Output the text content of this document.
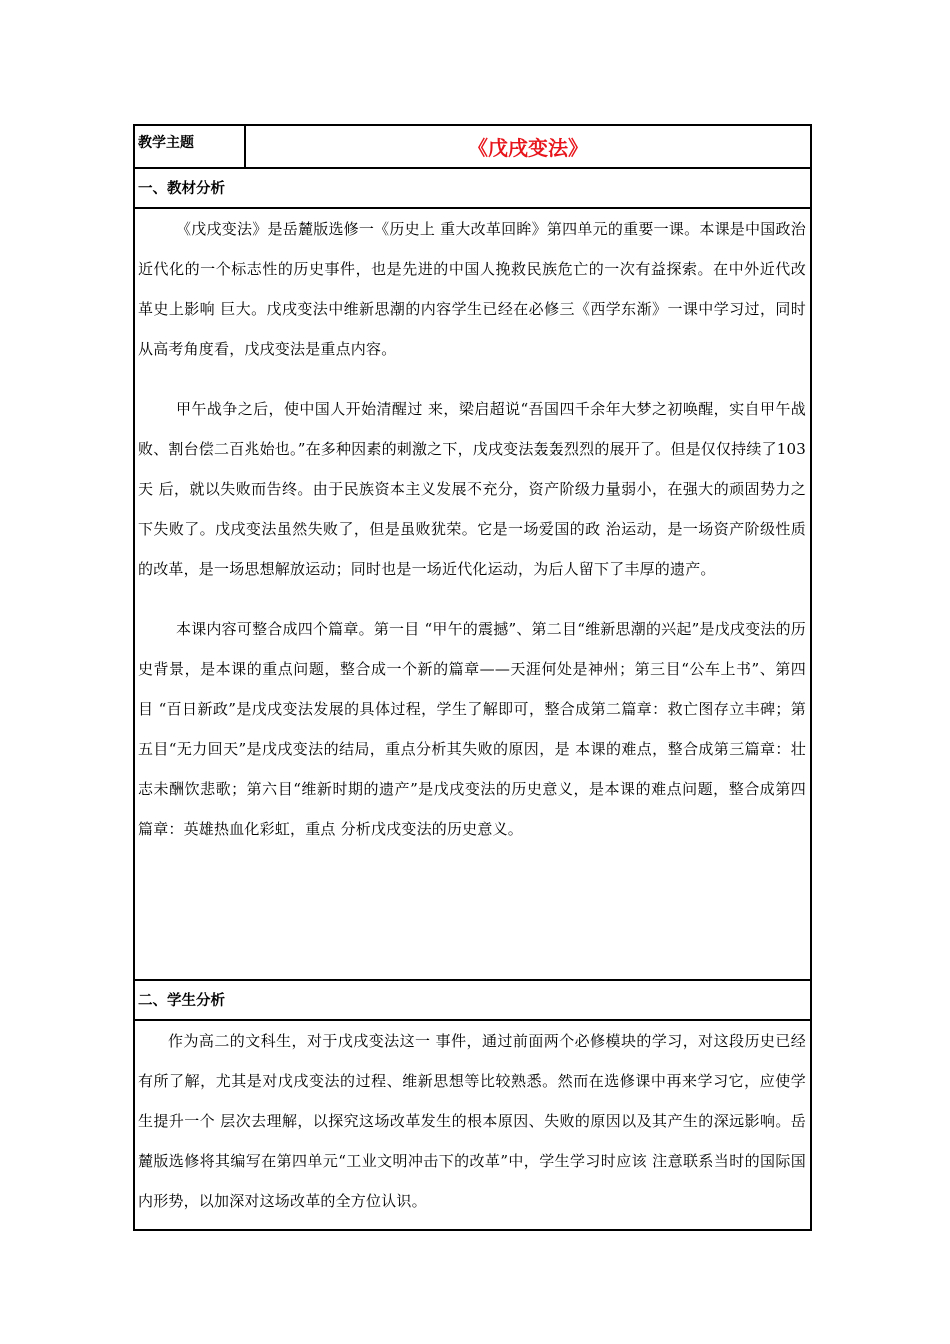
教学主题	《戊戌变法》
一、教材分析

《戊戌变法》是岳麓版选修一《历史上 重大改革回眸》第四单元的重要一课。本课是中国政治近代化的一个标志性的历史事件，也是先进的中国人挽救民族危亡的一次有益探索。在中外近代改革史上影响 巨大。戊戌变法中维新思潮的内容学生已经在必修三《西学东渐》一课中学习过，同时从高考角度看，戊戌变法是重点内容。

甲午战争之后，使中国人开始清醒过 来，梁启超说“吾国四千余年大梦之初唤醒，实自甲午战败、割台偿二百兆始也。”在多种因素的刺激之下，戊戌变法轰轰烈烈的展开了。但是仅仅持续了103天 后，就以失败而告终。由于民族资本主义发展不充分，资产阶级力量弱小，在强大的顽固势力之下失败了。戊戌变法虽然失败了，但是虽败犹荣。它是一场爱国的政 治运动，是一场资产阶级性质的改革，是一场思想解放运动；同时也是一场近代化运动，为后人留下了丰厚的遗产。

本课内容可整合成四个篇章。第一目 “甲午的震撼”、第二目“维新思潮的兴起”是戊戌变法的历史背景，是本课的重点问题，整合成一个新的篇章——天涯何处是神州；第三目“公车上书”、第四目 “百日新政”是戊戌变法发展的具体过程，学生了解即可，整合成第二篇章：救亡图存立丰碑；第五目“无力回天”是戊戌变法的结局，重点分析其失败的原因，是 本课的难点，整合成第三篇章：壮志未酬饮悲歌；第六目“维新时期的遗产”是戊戌变法的历史意义，是本课的难点问题，整合成第四篇章：英雄热血化彩虹，重点 分析戊戌变法的历史意义。

二、学生分析

作为高二的文科生，对于戊戌变法这一 事件，通过前面两个必修模块的学习，对这段历史已经有所了解，尤其是对戊戌变法的过程、维新思想等比较熟悉。然而在选修课中再来学习它，应使学生提升一个 层次去理解，以探究这场改革发生的根本原因、失败的原因以及其产生的深远影响。岳麓版选修将其编写在第四单元“工业文明冲击下的改革”中，学生学习时应该 注意联系当时的国际国内形势，以加深对这场改革的全方位认识。
